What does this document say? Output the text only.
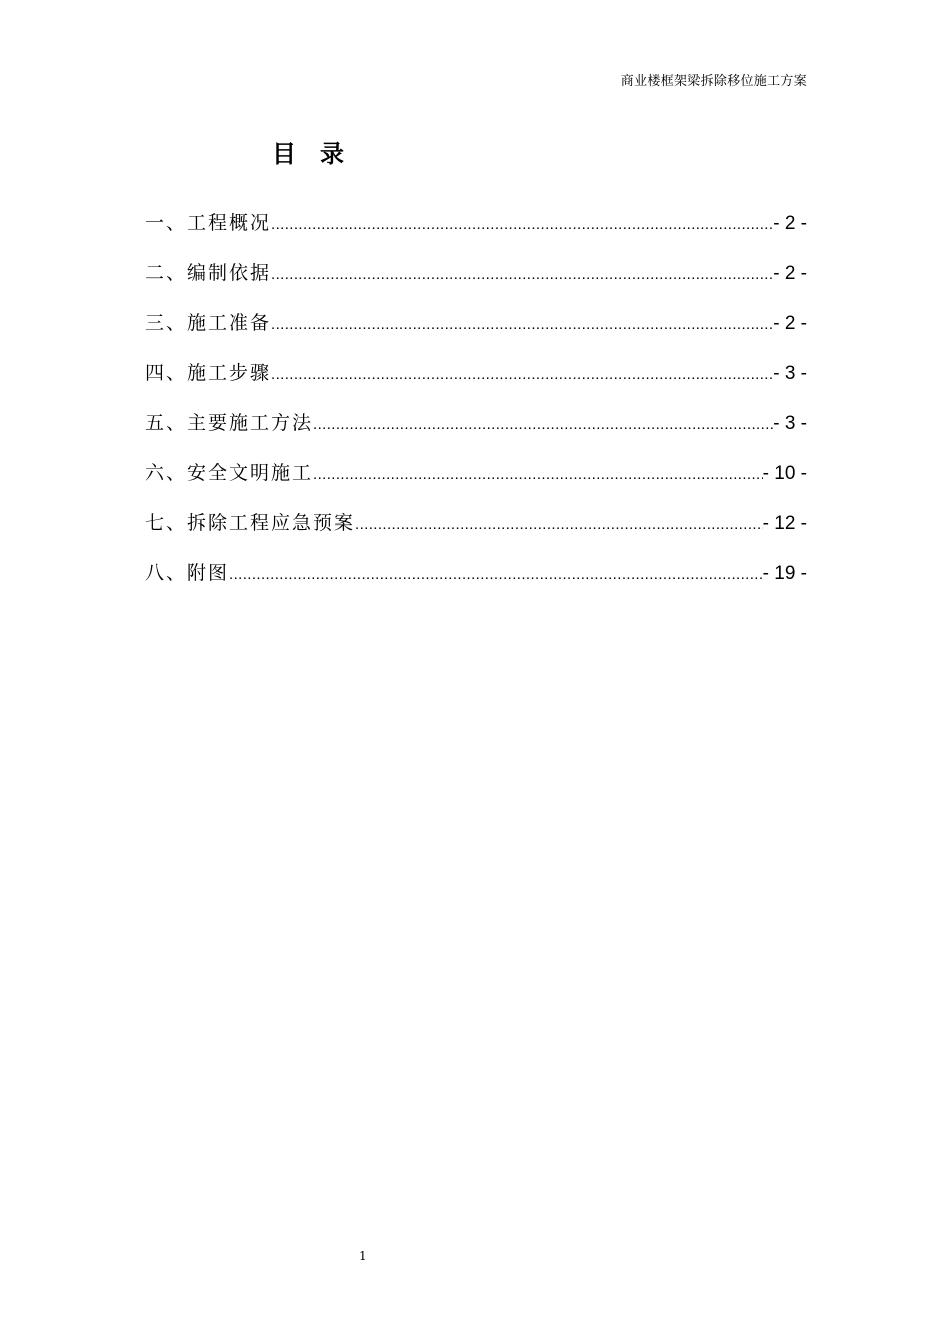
商业楼框架梁拆除移位施工方案
目录
一、工程概况 .....	- 2 -
二、编制依据 .....	- 2 -
三、施工准备 .....	- 2 -
四、施工步骤 .....	- 3 -
五、主要施工方法 .....	- 3 -
六、安全文明施工 .....	- 10 -
七、拆除工程应急预案 .....	- 12 -
八、附图 .....	- 19 -
1
